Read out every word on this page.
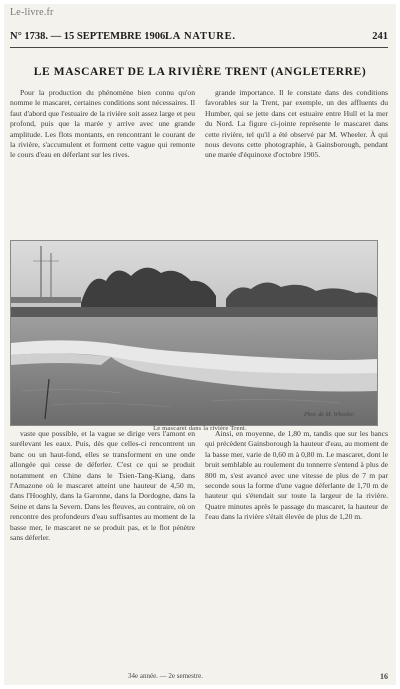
Le-livre.fr
N° 1738. — 15 SEPTEMBRE 1906.
LA NATURE.	241
LE MASCARET DE LA RIVIÈRE TRENT (ANGLETERRE)

Pour la production du phénomène bien connu qu'on nomme le mascaret, certaines conditions sont nécessaires. Il faut d'abord que l'estuaire de la rivière soit assez large et peu profond, puis que la marée y arrive avec une grande amplitude. Les flots montants, en rencontrant le courant de la rivière, s'accumulent et forment cette vague qui remonte le cours d'eau en déferlant sur les rives.

grande importance. Il le constate dans des conditions favorables sur la Trent, par exemple, un des affluents du Humber, qui se jette dans cet estuaire entre Hull et la mer du Nord. La figure ci-jointe représente le mascaret dans cette rivière, tel qu'il a été observé par M. Wheeler. À qui nous devons cette photographie, à Gainsborough, pendant une marée d'équinoxe d'octobre 1905.

Phot. de M. Wheeler.
Le mascaret dans la rivière Trent.

vaste que possible, et la vague se dirige vers l'amont en surélevant les eaux. Puis, dès que celles-ci rencontrent un banc ou un haut-fond, elles se transforment en une onde allongée qui cesse de déferler. C'est ce qui se produit notamment en Chine dans le Tsien-Tang-Kiang, dans l'Amazone où le mascaret atteint une hauteur de 4,50 m, dans l'Hooghly, dans la Garonne, dans la Dordogne, dans la Seine et dans la Severn. Dans les fleuves, au contraire, où on rencontre des profondeurs d'eau suffisantes au moment de la basse mer, le mascaret ne se produit pas, et le flot pénètre sans déferler.

Ainsi, en moyenne, de 1,80 m, tandis que sur les bancs qui précèdent Gainsborough la hauteur d'eau, au moment de la basse mer, varie de 0,60 m à 0,80 m. Le mascaret, dont le bruit semblable au roulement du tonnerre s'entend à plus de 800 m, s'est avancé avec une vitesse de plus de 7 m par seconde sous la forme d'une vague déferlante de 1,70 m de hauteur qui s'étendait sur toute la largeur de la rivière. Quatre minutes après le passage du mascaret, la hauteur de l'eau dans la rivière s'était élevée de plus de 1,20 m.

34e année. — 2e semestre.	16
